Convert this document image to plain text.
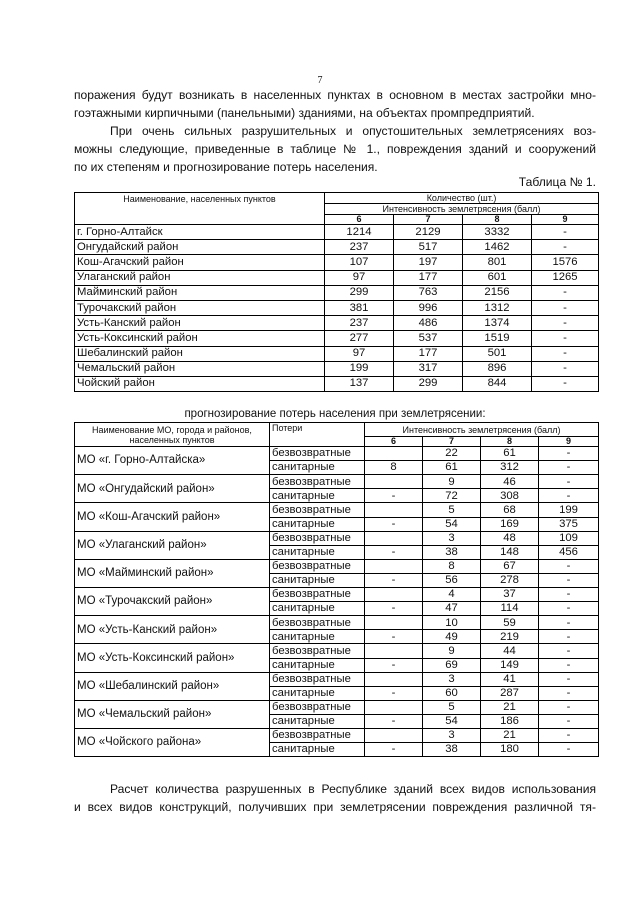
7

поражения будут возникать в населенных пунктах в основном в местах застройки мно-

гоэтажными кирпичными (панельными) зданиями, на объектах промпредприятий.

При очень сильных разрушительных и опустошительных землетрясениях воз-

можны следующие, приведенные в таблице № 1., повреждения зданий и сооружений

по их степеням и прогнозирование потерь населения.

Таблица № 1.
Наименование, населенных пунктов	Количество (шт.)			
	Интенсивность землетрясения (балл)			
	6	7	8	9
г. Горно-Алтайск	1214	2129	3332	-
Онгудайский район	237	517	1462	-
Кош-Агачский район	107	197	801	1576
Улаганский район	97	177	601	1265
Майминский район	299	763	2156	-
Турочакский район	381	996	1312	-
Усть-Канский район	237	486	1374	-
Усть-Коксинский район	277	537	1519	-
Шебалинский район	97	177	501	-
Чемальский район	199	317	896	-
Чойский район	137	299	844	-
прогнозирование потерь населения при землетрясении:
Наименование МО, города и районов, населенных пунктов	Потери	Интенсивность землетрясения (балл)			
		6	7	8	9
МО «г. Горно-Алтайска»	безвозвратные		22	61	-
	санитарные	8	61	312	-
МО «Онгудайский район»	безвозвратные		9	46	-
	санитарные	-	72	308	-
МО «Кош-Агачский район»	безвозвратные		5	68	199
	санитарные	-	54	169	375
МО «Улаганский район»	безвозвратные		3	48	109
	санитарные	-	38	148	456
МО «Майминский район»	безвозвратные		8	67	-
	санитарные	-	56	278	-
МО «Турочакский район»	безвозвратные		4	37	-
	санитарные	-	47	114	-
МО «Усть-Канский район»	безвозвратные		10	59	-
	санитарные	-	49	219	-
МО «Усть-Коксинский район»	безвозвратные		9	44	-
	санитарные	-	69	149	-
МО «Шебалинский район»	безвозвратные		3	41	-
	санитарные	-	60	287	-
МО «Чемальский район»	безвозвратные		5	21	-
	санитарные	-	54	186	-
МО «Чойского района»	безвозвратные		3	21	-
	санитарные	-	38	180	-

Расчет количества разрушенных в Республике зданий всех видов использования

и всех видов конструкций, получивших при землетрясении повреждения различной тя-
